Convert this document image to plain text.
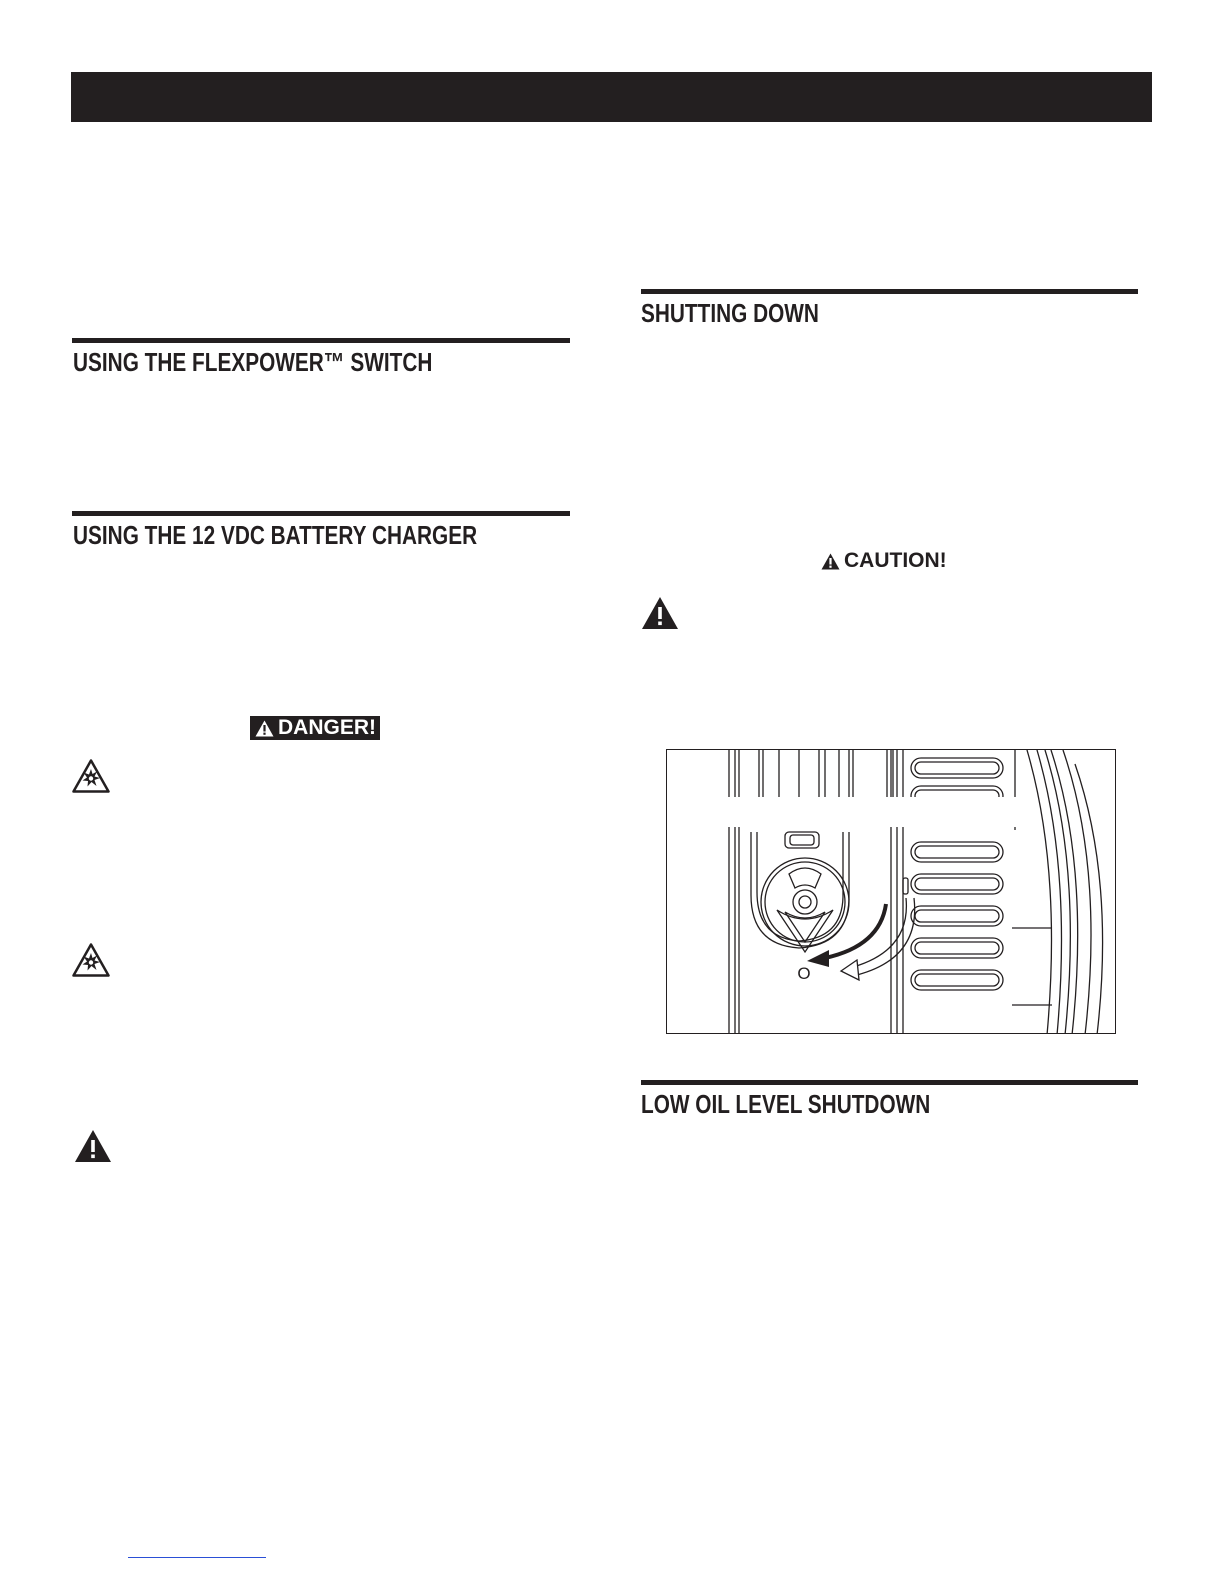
USING THE FLEXPOWER™ SWITCH
USING THE 12 VDC BATTERY CHARGER
DANGER!
SHUTTING DOWN
CAUTION!
O
LOW OIL LEVEL SHUTDOWN
